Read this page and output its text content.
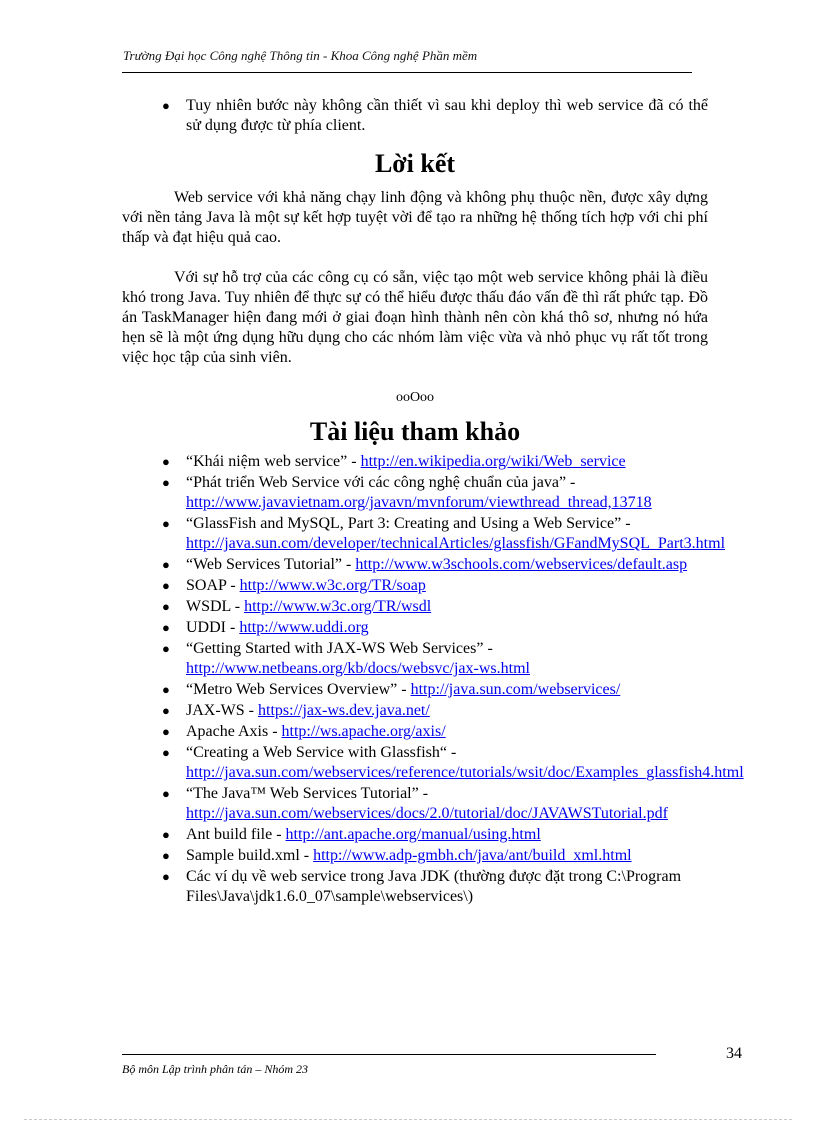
Trường Đại học Công nghệ Thông tin - Khoa Công nghệ Phần mềm
● Tuy nhiên bước này không cần thiết vì sau khi deploy thì web service đã có thể sử dụng được từ phía client.
Lời kết

Web service với khả năng chạy linh động và không phụ thuộc nền, được xây dựng với nền tảng Java là một sự kết hợp tuyệt vời để tạo ra những hệ thống tích hợp với chi phí thấp và đạt hiệu quả cao.

Với sự hỗ trợ của các công cụ có sẵn, việc tạo một web service không phải là điều khó trong Java. Tuy nhiên để thực sự có thể hiểu được thấu đáo vấn đề thì rất phức tạp. Đồ án TaskManager hiện đang mới ở giai đoạn hình thành nên còn khá thô sơ, nhưng nó hứa hẹn sẽ là một ứng dụng hữu dụng cho các nhóm làm việc vừa và nhỏ phục vụ rất tốt trong việc học tập của sinh viên.

ooOoo
Tài liệu tham khảo
● “Khái niệm web service” - http://en.wikipedia.org/wiki/Web_service
● “Phát triển Web Service với các công nghệ chuẩn của java” - http://www.javavietnam.org/javavn/mvnforum/viewthread_thread,13718
● “GlassFish and MySQL, Part 3: Creating and Using a Web Service” - http://java.sun.com/developer/technicalArticles/glassfish/GFandMySQL_Part3.html
● “Web Services Tutorial” - http://www.w3schools.com/webservices/default.asp
● SOAP - http://www.w3c.org/TR/soap
● WSDL - http://www.w3c.org/TR/wsdl
● UDDI - http://www.uddi.org
● “Getting Started with JAX-WS Web Services” - http://www.netbeans.org/kb/docs/websvc/jax-ws.html
● “Metro Web Services Overview” - http://java.sun.com/webservices/
● JAX-WS - https://jax-ws.dev.java.net/
● Apache Axis - http://ws.apache.org/axis/
● “Creating a Web Service with Glassfish“ - http://java.sun.com/webservices/reference/tutorials/wsit/doc/Examples_glassfish4.html
● “The Java™ Web Services Tutorial” - http://java.sun.com/webservices/docs/2.0/tutorial/doc/JAVAWSTutorial.pdf
● Ant build file - http://ant.apache.org/manual/using.html
● Sample build.xml - http://www.adp-gmbh.ch/java/ant/build_xml.html
● Các ví dụ về web service trong Java JDK (thường được đặt trong C:\Program Files\Java\jdk1.6.0_07\sample\webservices\)
34
Bộ môn Lập trình phân tán – Nhóm 23
